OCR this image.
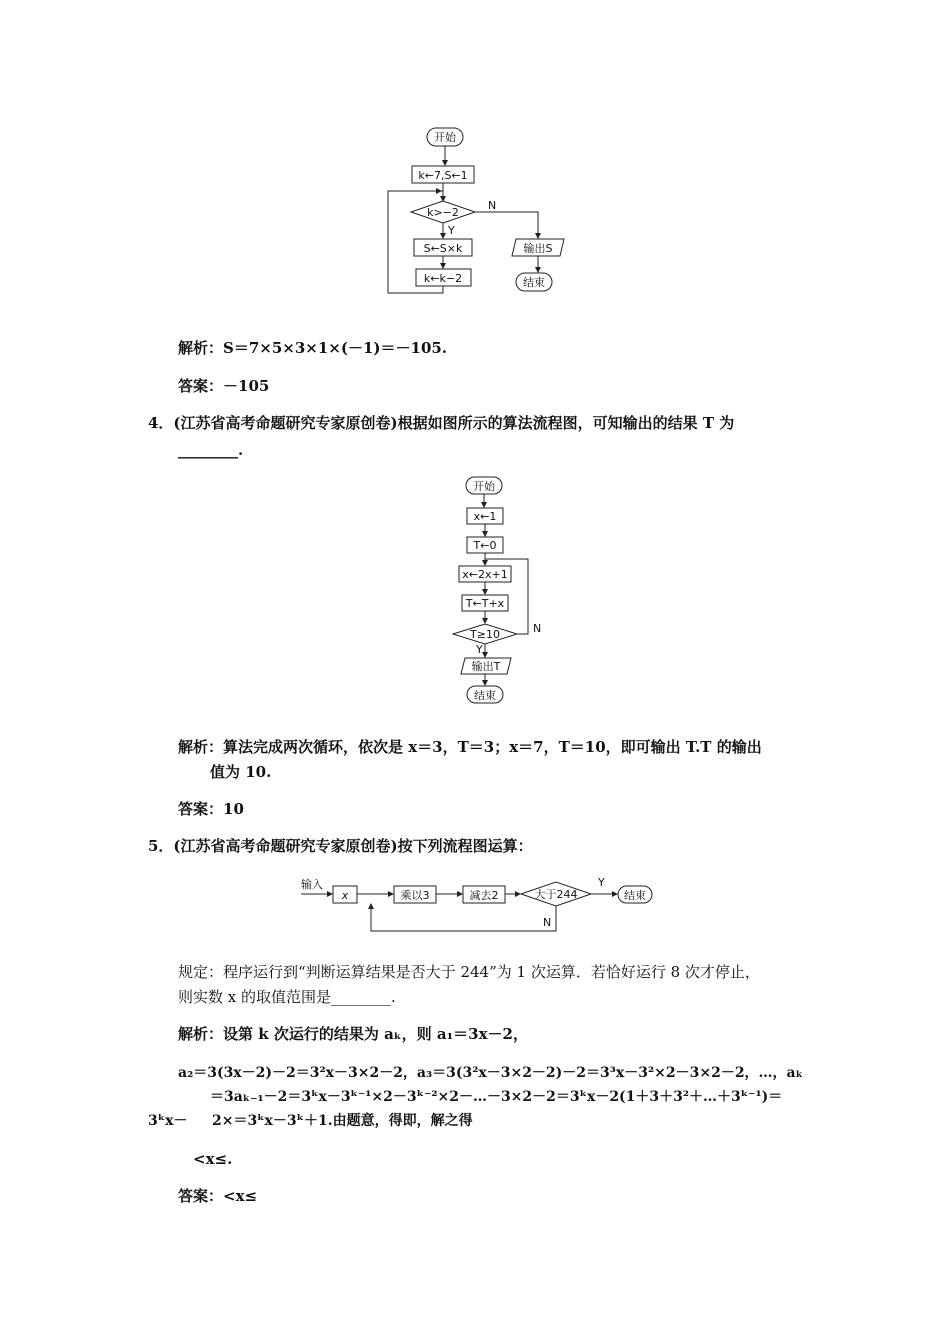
开始
k←7,S←1
k>−2
Y
S←S×k
k←k−2
N
输出S
结束
解析：S＝7×5×3×1×(－1)＝－105.
答案：－105
4．(江苏省高考命题研究专家原创卷)根据如图所示的算法流程图，可知输出的结果 T 为
________.
开始
x←1
T←0
x←2x+1
T←T+x
T≥10	N
Y
输出T
结束
解析：算法完成两次循环，依次是 x＝3，T＝3；x＝7，T＝10，即可输出 T.T 的输出
值为 10.
答案：10
5．(江苏省高考命题研究专家原创卷)按下列流程图运算：
输入
x	乘以3	减去2	大于244
Y
结束
N
规定：程序运行到“判断运算结果是否大于 244”为 1 次运算．若恰好运行 8 次才停止，
则实数 x 的取值范围是________.
解析：设第 k 次运行的结果为 aₖ，则 a₁＝3x－2，
a₂＝3(3x－2)－2＝3²x－3×2－2，a₃＝3(3²x－3×2－2)－2＝3³x－3²×2－3×2－2，…，aₖ
＝3aₖ₋₁－2＝3ᵏx－3ᵏ⁻¹×2－3ᵏ⁻²×2－…－3×2－2＝3ᵏx－2(1＋3＋3²＋…＋3ᵏ⁻¹)＝
3ᵏx－ 2×＝3ᵏx－3ᵏ＋1.由题意，得即，解之得
<x≤.
答案：<x≤
